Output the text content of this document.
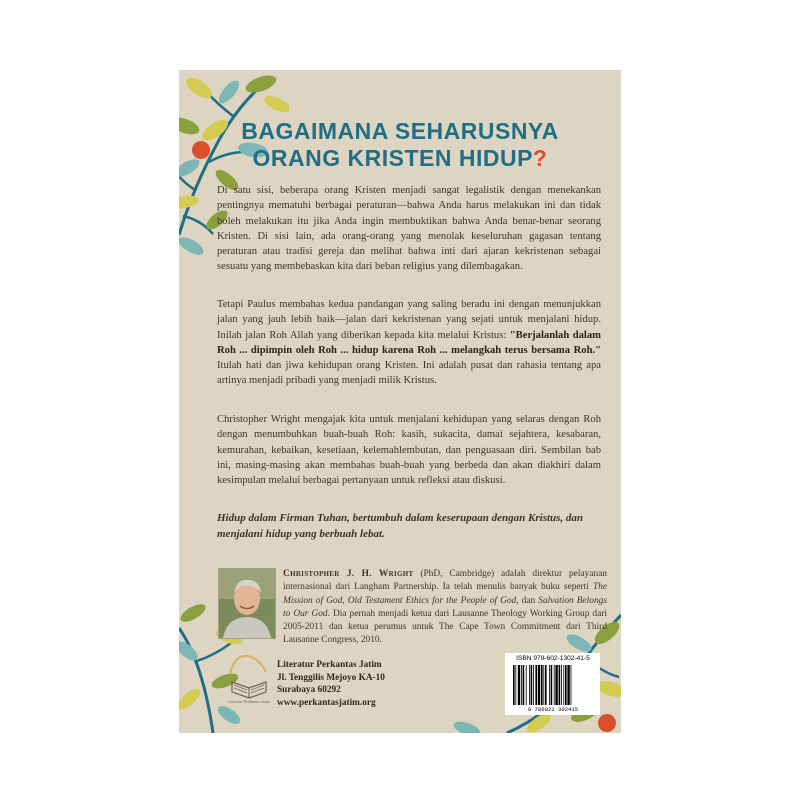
BAGAIMANA SEHARUSNYA
ORANG KRISTEN HIDUP?

Di satu sisi, beberapa orang Kristen menjadi sangat legalistik dengan menekankan pentingnya mematuhi berbagai peraturan—bahwa Anda harus melakukan ini dan tidak boleh melakukan itu jika Anda ingin membuktikan bahwa Anda benar-benar seorang Kristen. Di sisi lain, ada orang-orang yang menolak keseluruhan gagasan tentang peraturan atau tradisi gereja dan melihat bahwa inti dari ajaran kekristenan sebagai sesuatu yang membebaskan kita dari beban religius yang dilembagakan.

Tetapi Paulus membahas kedua pandangan yang saling beradu ini dengan menunjukkan jalan yang jauh lebih baik—jalan dari kekristenan yang sejati untuk menjalani hidup. Inilah jalan Roh Allah yang diberikan kepada kita melalui Kristus: "Berjalanlah dalam Roh ... dipimpin oleh Roh ... hidup karena Roh ... melangkah terus bersama Roh." Itulah hati dan jiwa kehidupan orang Kristen. Ini adalah pusat dan rahasia tentang apa artinya menjadi pribadi yang menjadi milik Kristus.

Christopher Wright mengajak kita untuk menjalani kehidupan yang selaras dengan Roh dengan menumbuhkan buah-buah Roh: kasih, sukacita, damai sejahtera, kesabaran, kemurahan, kebaikan, kesetiaan, kelemahlembutan, dan penguasaan diri. Sembilan bab ini, masing-masing akan membahas buah-buah yang berbeda dan akan diakhiri dalam kesimpulan melalui berbagai pertanyaan untuk refleksi atau diskusi.

Hidup dalam Firman Tuhan, bertumbuh dalam keserupaan dengan Kristus, dan menjalani hidup yang berbuah lebat.

Christopher J. H. Wright (PhD, Cambridge) adalah direktur pelayanan internasional dari Langham Partnership. Ia telah menulis banyak buku seperti The Mission of God, Old Testament Ethics for the People of God, dan Salvation Belongs to Our God. Dia pernah menjadi ketua dari Lausanne Theology Working Group dari 2005-2011 dan ketua perumus untuk The Cape Town Commitment dari Third Lausanne Congress, 2010.

Literatur Perkantas Jatim
Literatur Perkantas Jatim
Jl. Tenggilis Mejoyo KA-10
Surabaya 60292
www.perkantasjatim.org
ISBN 978-602-1302-41-5
9 786021 302415
